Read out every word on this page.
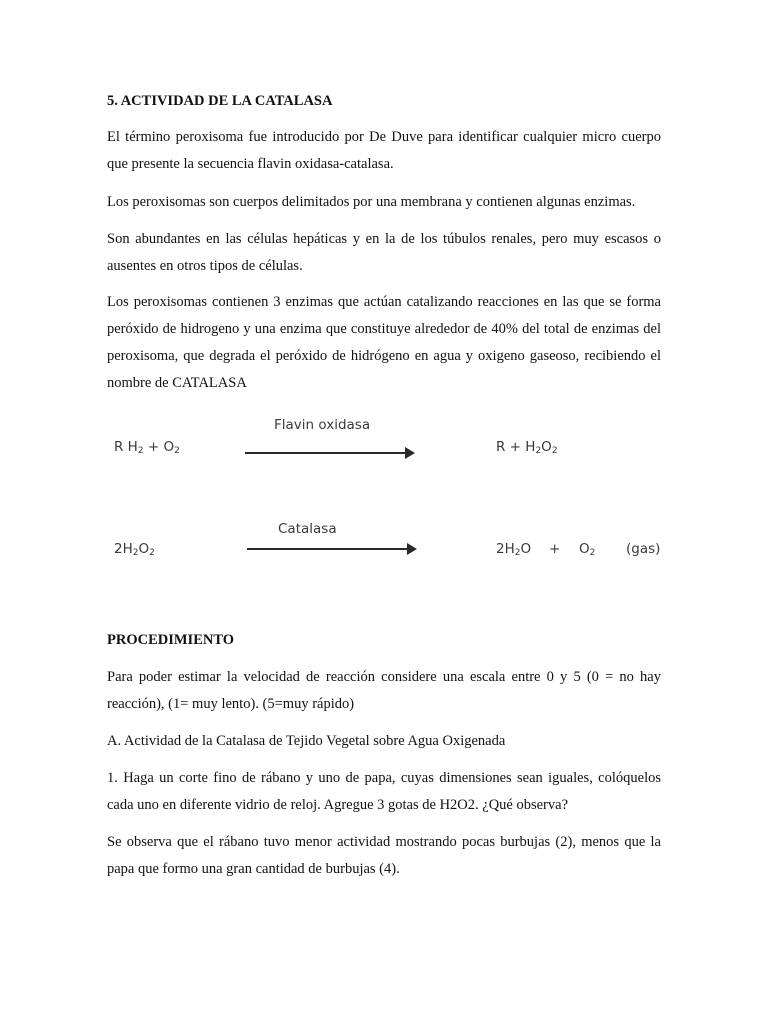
5. ACTIVIDAD DE LA CATALASA

El término peroxisoma fue introducido por De Duve para identificar cualquier micro cuerpo que presente la secuencia flavin oxidasa-catalasa.

Los peroxisomas son cuerpos delimitados por una membrana y contienen algunas enzimas.

Son abundantes en las células hepáticas y en la de los túbulos renales, pero muy escasos o ausentes en otros tipos de células.

Los peroxisomas contienen 3 enzimas que actúan catalizando reacciones en las que se forma peróxido de hidrogeno y una enzima que constituye alrededor de 40% del total de enzimas del peroxisoma, que degrada el peróxido de hidrógeno en agua y oxigeno gaseoso, recibiendo el nombre de CATALASA

R $H_2 + O_2$
Flavin oxidasa
$R + H_2O_2$
$2H_2O_2$
Catalasa
$2H_2O + O_2$ (gas)
PROCEDIMIENTO

Para poder estimar la velocidad de reacción considere una escala entre 0 y 5 (0 = no hay reacción), (1= muy lento). (5=muy rápido)

A. Actividad de la Catalasa de Tejido Vegetal sobre Agua Oxigenada

1. Haga un corte fino de rábano y uno de papa, cuyas dimensiones sean iguales, colóquelos cada uno en diferente vidrio de reloj. Agregue 3 gotas de H2O2. ¿Qué observa?

Se observa que el rábano tuvo menor actividad mostrando pocas burbujas (2), menos que la papa que formo una gran cantidad de burbujas (4).
